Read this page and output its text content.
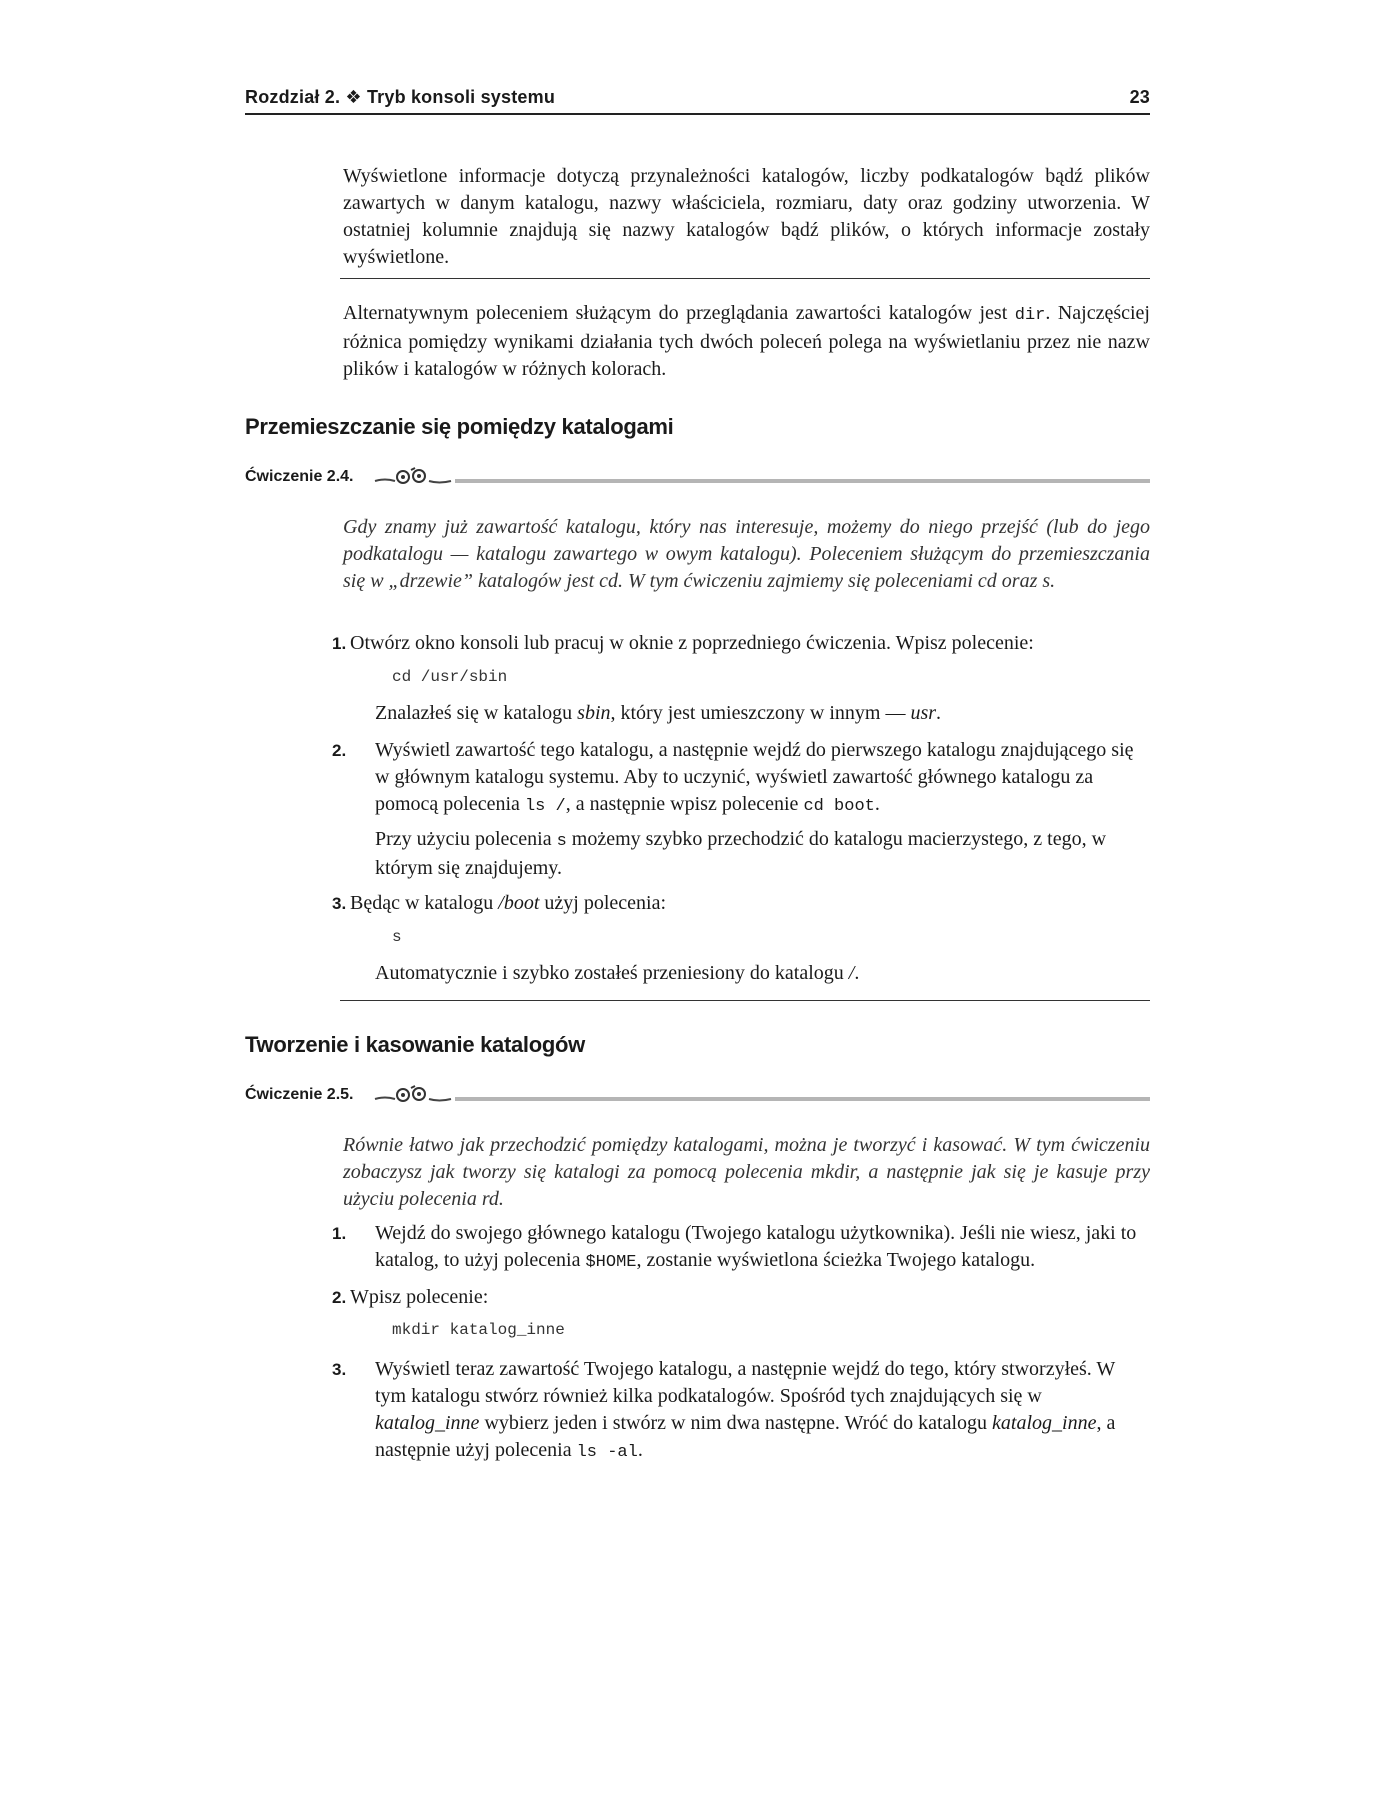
Rozdział 2. ❖ Tryb konsoli systemu	23
Wyświetlone informacje dotyczą przynależności katalogów, liczby podkatalogów bądź plików zawartych w danym katalogu, nazwy właściciela, rozmiaru, daty oraz godziny utworzenia. W ostatniej kolumnie znajdują się nazwy katalogów bądź plików, o których informacje zostały wyświetlone.
Alternatywnym poleceniem służącym do przeglądania zawartości katalogów jest dir. Najczęściej różnica pomiędzy wynikami działania tych dwóch poleceń polega na wyświetlaniu przez nie nazw plików i katalogów w różnych kolorach.
Przemieszczanie się pomiędzy katalogami
Ćwiczenie 2.4.
Gdy znamy już zawartość katalogu, który nas interesuje, możemy do niego przejść (lub do jego podkatalogu — katalogu zawartego w owym katalogu). Poleceniem służącym do przemieszczania się w „drzewie” katalogów jest cd. W tym ćwiczeniu zajmiemy się poleceniami cd oraz s.
1. Otwórz okno konsoli lub pracuj w oknie z poprzedniego ćwiczenia. Wpisz polecenie:
cd /usr/sbin
Znalazłeś się w katalogu sbin, który jest umieszczony w innym — usr.
2. Wyświetl zawartość tego katalogu, a następnie wejdź do pierwszego katalogu znajdującego się w głównym katalogu systemu. Aby to uczynić, wyświetl zawartość głównego katalogu za pomocą polecenia ls /, a następnie wpisz polecenie cd boot.
Przy użyciu polecenia s możemy szybko przechodzić do katalogu macierzystego, z tego, w którym się znajdujemy.
3. Będąc w katalogu /boot użyj polecenia:
s
Automatycznie i szybko zostałeś przeniesiony do katalogu /.
Tworzenie i kasowanie katalogów
Ćwiczenie 2.5.
Równie łatwo jak przechodzić pomiędzy katalogami, można je tworzyć i kasować. W tym ćwiczeniu zobaczysz jak tworzy się katalogi za pomocą polecenia mkdir, a następnie jak się je kasuje przy użyciu polecenia rd.
1. Wejdź do swojego głównego katalogu (Twojego katalogu użytkownika). Jeśli nie wiesz, jaki to katalog, to użyj polecenia $HOME, zostanie wyświetlona ścieżka Twojego katalogu.
2. Wpisz polecenie:
mkdir katalog_inne
3. Wyświetl teraz zawartość Twojego katalogu, a następnie wejdź do tego, który stworzyłeś. W tym katalogu stwórz również kilka podkatalogów. Spośród tych znajdujących się w katalog_inne wybierz jeden i stwórz w nim dwa następne. Wróć do katalogu katalog_inne, a następnie użyj polecenia ls -al.
